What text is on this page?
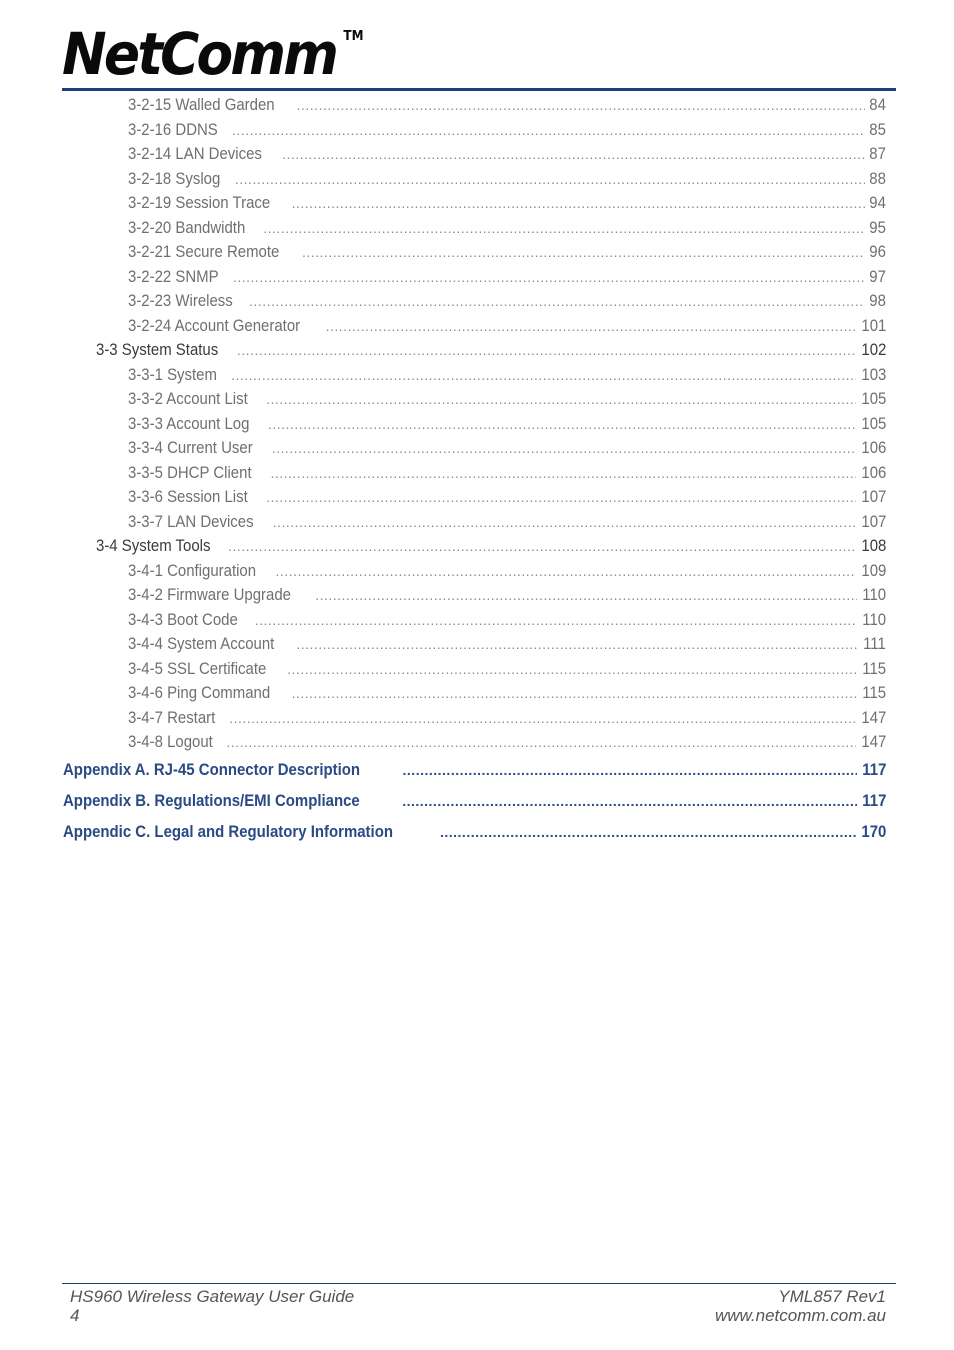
NetComm ™
3-2-15 Walled Garden .....	84
3-2-16 DDNS .....	85
3-2-14 LAN Devices .....	87
3-2-18 Syslog .....	88
3-2-19 Session Trace .....	94
3-2-20 Bandwidth .....	95
3-2-21 Secure Remote .....	96
3-2-22 SNMP .....	97
3-2-23 Wireless .....	98
3-2-24 Account Generator .....	101
3-3 System Status .....	102
3-3-1 System .....	103
3-3-2 Account List .....	105
3-3-3 Account Log .....	105
3-3-4 Current User .....	106
3-3-5 DHCP Client .....	106
3-3-6 Session List .....	107
3-3-7 LAN Devices .....	107
3-4 System Tools .....	108
3-4-1 Configuration .....	109
3-4-2 Firmware Upgrade .....	110
3-4-3 Boot Code .....	110
3-4-4 System Account .....	111
3-4-5 SSL Certificate .....	115
3-4-6 Ping Command .....	115
3-4-7 Restart .....	147
3-4-8 Logout .....	147
Appendix A. RJ-45 Connector Description .....	117
Appendix B. Regulations/EMI Compliance .....	117
Appendic C. Legal and Regulatory Information .....	170
HS960 Wireless Gateway User Guide
4
YML857 Rev1
www.netcomm.com.au
